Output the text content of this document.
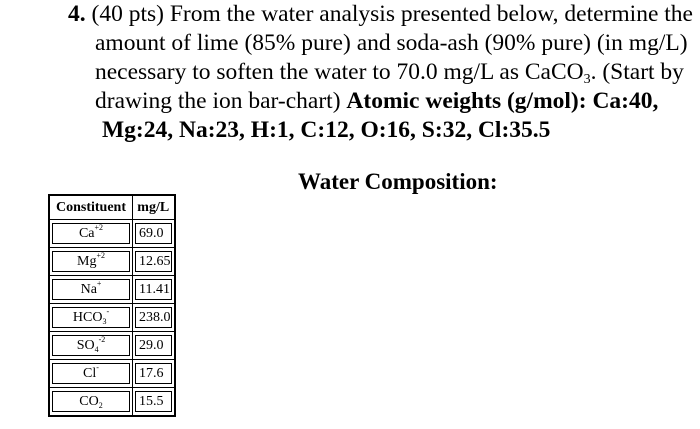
4. (40 pts) From the water analysis presented below, determine the
amount of lime (85% pure) and soda-ash (90% pure) (in mg/L)
necessary to soften the water to 70.0 mg/L as CaCO$_3$. (Start by
drawing the ion bar-chart) Atomic weights (g/mol): Ca:40,
Mg:24, Na:23, H:1, C:12, O:16, S:32, Cl:35.5
Water Composition:
Constituent	mg/L

$Ca^{+2}$	69.0

$Mg^{+2}$	12.65

Na+	11.41

$HCO_3^-$	238.0

$SO_4^{-2}$	29.0

Cl-	17.6

$CO_2$	15.5
